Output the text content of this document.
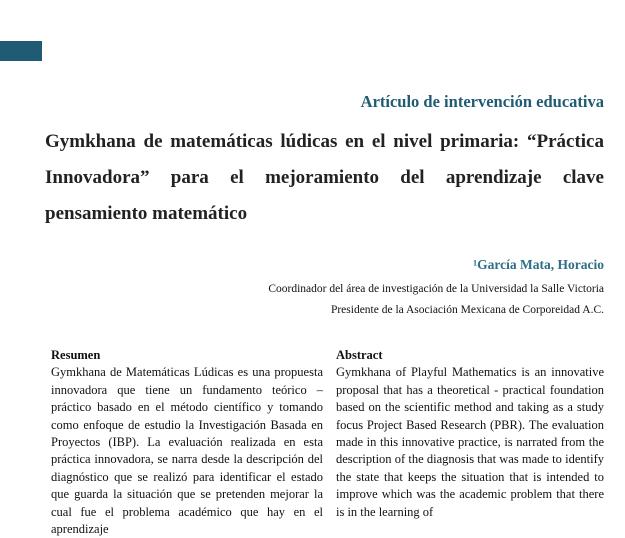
Artículo de intervención educativa
Gymkhana de matemáticas lúdicas en el nivel primaria: “Práctica Innovadora” para el mejoramiento del aprendizaje clave pensamiento matemático
¹García Mata, Horacio
Coordinador del área de investigación de la Universidad la Salle Victoria
Presidente de la Asociación Mexicana de Corporeidad A.C.
Resumen

Gymkhana de Matemáticas Lúdicas es una propuesta innovadora que tiene un fundamento teórico – práctico basado en el método científico y tomando como enfoque de estudio la Investigación Basada en Proyectos (IBP). La evaluación realizada en esta práctica innovadora, se narra desde la descripción del diagnóstico que se realizó para identificar el estado que guarda la situación que se pretenden mejorar la cual fue el problema académico que hay en el aprendizaje

Abstract

Gymkhana of Playful Mathematics is an innovative proposal that has a theoretical - practical foundation based on the scientific method and taking as a study focus Project Based Research (PBR). The evaluation made in this innovative practice, is narrated from the description of the diagnosis that was made to identify the state that keeps the situation that is intended to improve which was the academic problem that there is in the learning of
